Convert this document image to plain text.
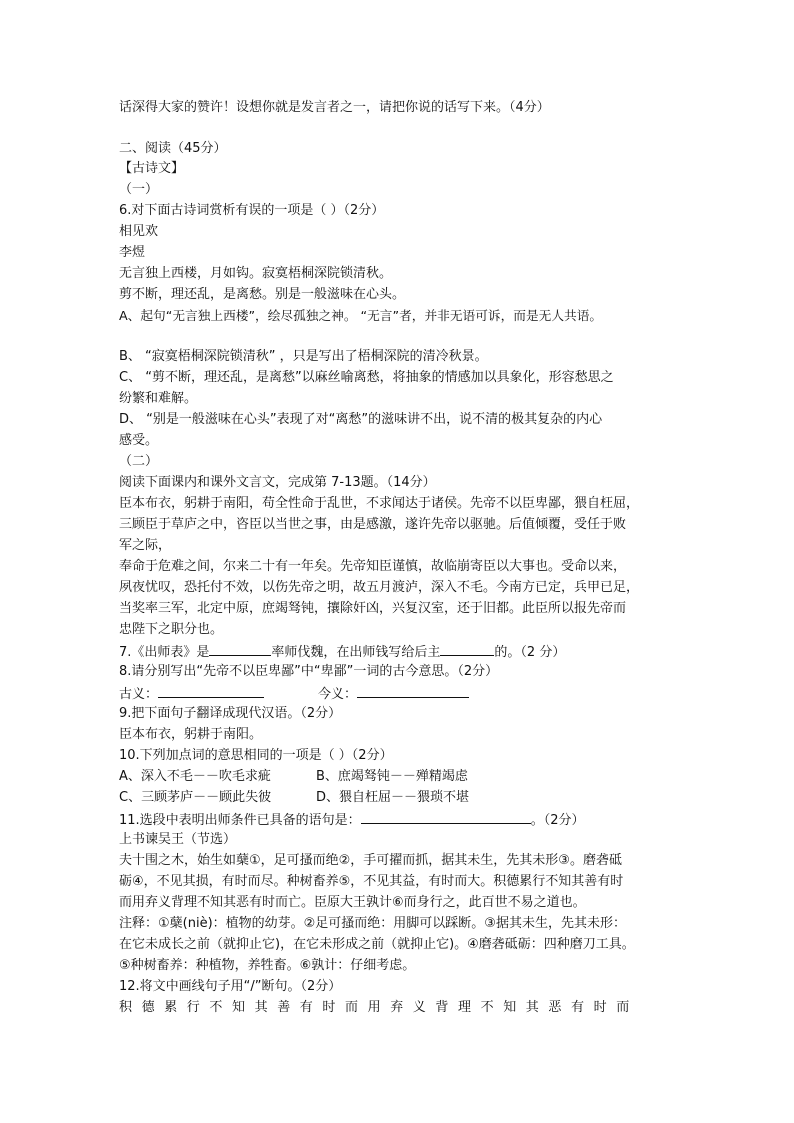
话深得大家的赞许！设想你就是发言者之一，请把你说的话写下来。（4分）
二、阅读（45分）
【古诗文】
（一）
6.对下面古诗词赏析有误的一项是（ ）（2分）
相见欢
李煜
无言独上西楼，月如钩。寂寞梧桐深院锁清秋。
剪不断，理还乱，是离愁。别是一般滋味在心头。
A、起句“无言独上西楼”，绘尽孤独之神。 “无言”者，并非无语可诉，而是无人共语。
B、 “寂寞梧桐深院锁清秋” ，只是写出了梧桐深院的清冷秋景。
C、 “剪不断，理还乱，是离愁”以麻丝喻离愁，将抽象的情感加以具象化，形容愁思之
纷繁和难解。
D、 “别是一般滋味在心头”表现了对“离愁”的滋味讲不出，说不清的极其复杂的内心
感受。
（二）
阅读下面课内和课外文言文，完成第 7-13题。（14分）
臣本布衣，躬耕于南阳，苟全性命于乱世，不求闻达于诸侯。先帝不以臣卑鄙，猥自枉屈，
三顾臣于草庐之中，咨臣以当世之事，由是感激，遂许先帝以驱驰。后值倾覆，受任于败
军之际，
奉命于危难之间，尔来二十有一年矣。先帝知臣谨慎，故临崩寄臣以大事也。受命以来，
夙夜忧叹，恐托付不效，以伤先帝之明，故五月渡泸，深入不毛。今南方已定，兵甲已足，
当奖率三军，北定中原，庶竭驽钝，攘除奸凶，兴复汉室，还于旧都。此臣所以报先帝而
忠陛下之职分也。
7.《出师表》是	率师伐魏，在出师钱写给后主	的。（2 分）
8.请分别写出“先帝不以臣卑鄙”中“卑鄙”一词的古今意思。（2分）
古义：	今义：
9.把下面句子翻译成现代汉语。（2分）
臣本布衣，躬耕于南阳。
10.下列加点词的意思相同的一项是（ ）（2分）
A、深入不毛－－吹毛求疵	B、庶竭驽钝－－殚精竭虑
C、三顾茅庐－－顾此失彼	D、猥自枉屈－－猥琐不堪
11.选段中表明出师条件已具备的语句是：	。（2分）
上书谏吴王（节选）
夫十围之木，始生如蘖①，足可搔而绝②，手可擢而抓，据其未生，先其未形③。磨砻砥
砺④，不见其损，有时而尽。种树畜养⑤，不见其益，有时而大。积德累行不知其善有时
而用弃义背理不知其恶有时而亡。臣原大王孰计⑥而身行之，此百世不易之道也。
注释：①蘖(niè)：植物的幼芽。②足可搔而绝：用脚可以踩断。③据其未生，先其未形：
在它未成长之前（就抑止它)，在它未形成之前（就抑止它)。④磨砻砥砺：四种磨刀工具。
⑤种树畜养：种植物，养牲畜。⑥孰计：仔细考虑。
12.将文中画线句子用“/”断句。（2分）
积德累行不知其善有时而用弃义背理不知其恶有时而
